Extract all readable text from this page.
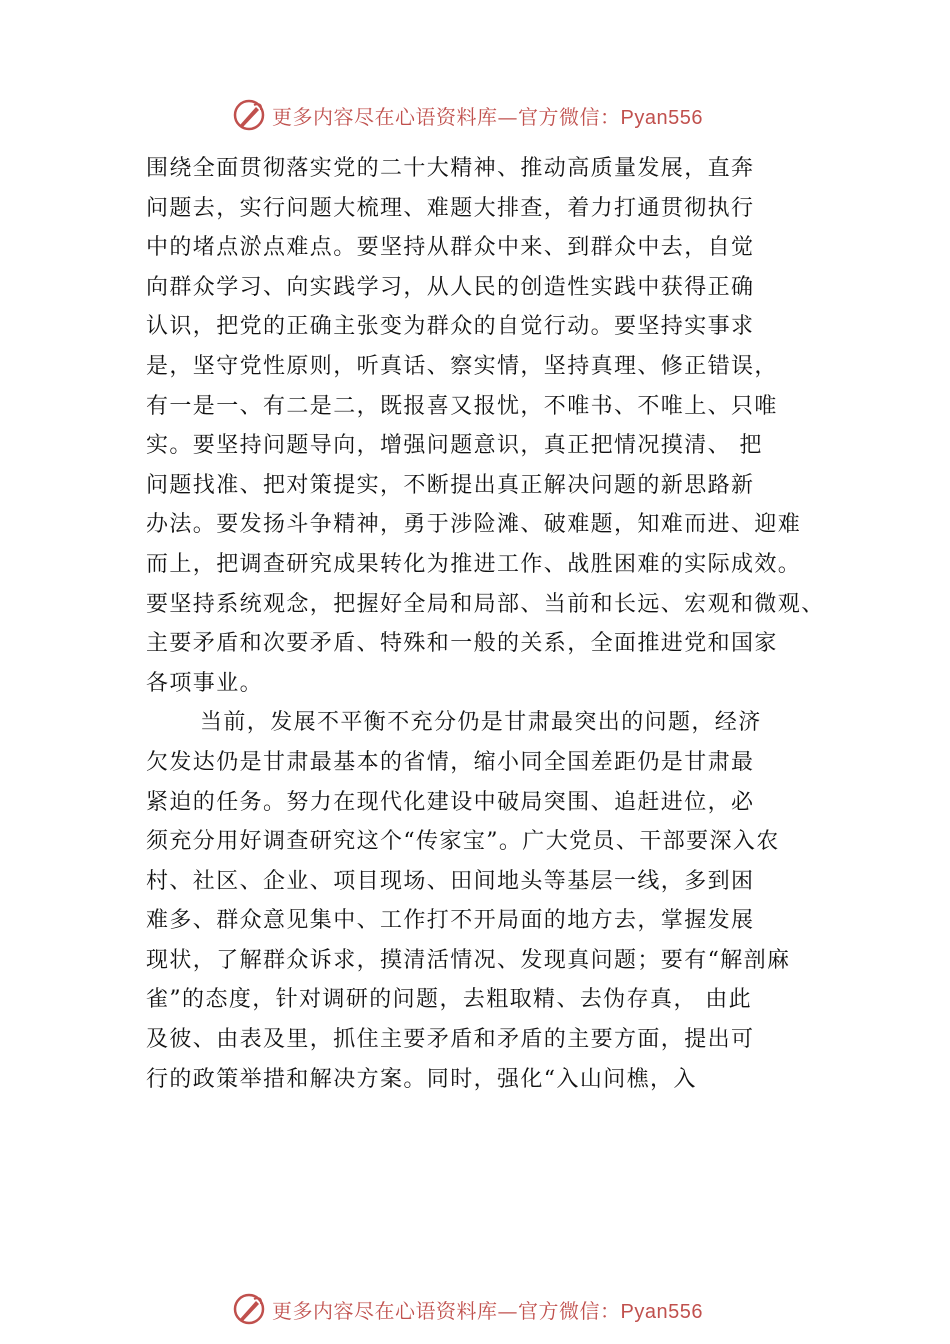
更多内容尽在心语资料库—官方微信：Pyan556
围绕全面贯彻落实党的二十大精神、推动高质量发展，直奔
问题去，实行问题大梳理、难题大排查，着力打通贯彻执行
中的堵点淤点难点。要坚持从群众中来、到群众中去，自觉
向群众学习、向实践学习，从人民的创造性实践中获得正确
认识，把党的正确主张变为群众的自觉行动。要坚持实事求
是，坚守党性原则，听真话、察实情，坚持真理、修正错误，
有一是一、有二是二，既报喜又报忧，不唯书、不唯上、只唯
实。要坚持问题导向，增强问题意识，真正把情况摸清、 把
问题找准、把对策提实，不断提出真正解决问题的新思路新
办法。要发扬斗争精神，勇于涉险滩、破难题，知难而进、迎难
而上，把调查研究成果转化为推进工作、战胜困难的实际成效。
要坚持系统观念，把握好全局和局部、当前和长远、宏观和微观、
主要矛盾和次要矛盾、特殊和一般的关系，全面推进党和国家
各项事业。
当前，发展不平衡不充分仍是甘肃最突出的问题，经济
欠发达仍是甘肃最基本的省情，缩小同全国差距仍是甘肃最
紧迫的任务。努力在现代化建设中破局突围、追赶进位，必
须充分用好调查研究这个“传家宝”。广大党员、干部要深入农
村、社区、企业、项目现场、田间地头等基层一线，多到困
难多、群众意见集中、工作打不开局面的地方去，掌握发展
现状，了解群众诉求，摸清活情况、发现真问题；要有“解剖麻
雀”的态度，针对调研的问题，去粗取精、去伪存真， 由此
及彼、由表及里，抓住主要矛盾和矛盾的主要方面，提出可
行的政策举措和解决方案。同时，强化“入山问樵，入
更多内容尽在心语资料库—官方微信：Pyan556
